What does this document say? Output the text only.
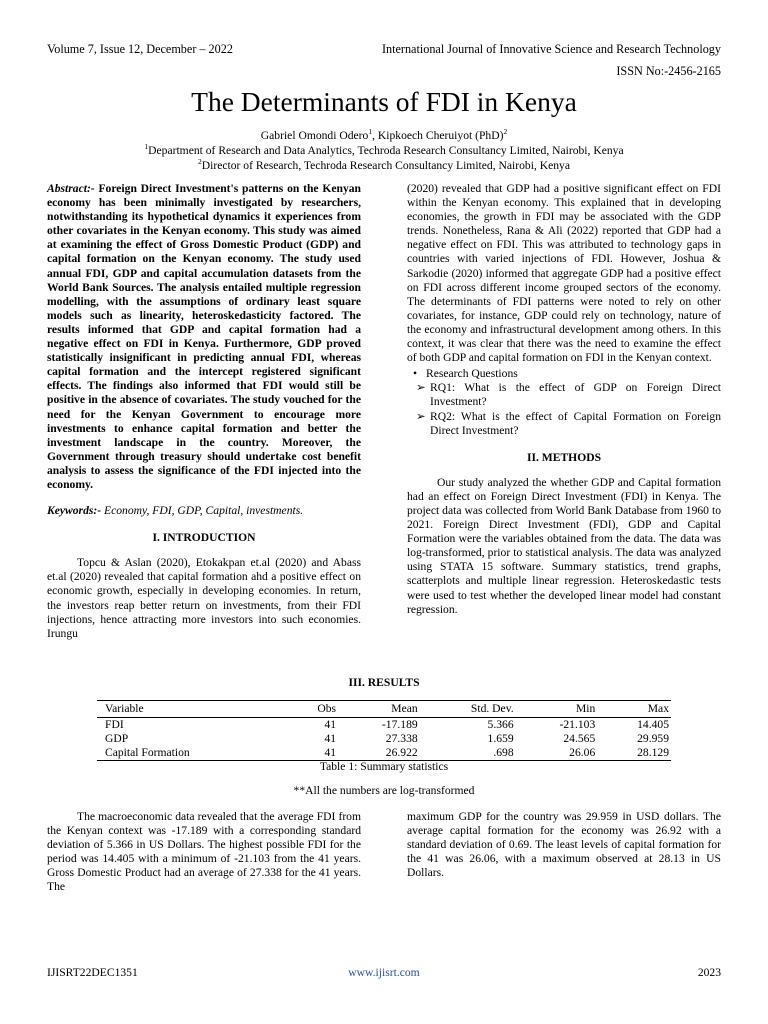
Volume 7, Issue 12, December – 2022	International Journal of Innovative Science and Research Technology
ISSN No:-2456-2165
The Determinants of FDI in Kenya
Gabriel Omondi Odero$^1$, Kipkoech Cheruiyot (PhD)$^2$
$^1$Department of Research and Data Analytics, Techroda Research Consultancy Limited, Nairobi, Kenya
$^2$Director of Research, Techroda Research Consultancy Limited, Nairobi, Kenya

Abstract:- Foreign Direct Investment's patterns on the Kenyan economy has been minimally investigated by researchers, notwithstanding its hypothetical dynamics it experiences from other covariates in the Kenyan economy. This study was aimed at examining the effect of Gross Domestic Product (GDP) and capital formation on the Kenyan economy. The study used annual FDI, GDP and capital accumulation datasets from the World Bank Sources. The analysis entailed multiple regression modelling, with the assumptions of ordinary least square models such as linearity, heteroskedasticity factored. The results informed that GDP and capital formation had a negative effect on FDI in Kenya. Furthermore, GDP proved statistically insignificant in predicting annual FDI, whereas capital formation and the intercept registered significant effects. The findings also informed that FDI would still be positive in the absence of covariates. The study vouched for the need for the Kenyan Government to encourage more investments to enhance capital formation and better the investment landscape in the country. Moreover, the Government through treasury should undertake cost benefit analysis to assess the significance of the FDI injected into the economy.

Keywords:- Economy, FDI, GDP, Capital, investments.

I. INTRODUCTION

Topcu & Aslan (2020), Etokakpan et.al (2020) and Abass et.al (2020) revealed that capital formation ahd a positive effect on economic growth, especially in developing economies. In return, the investors reap better return on investments, from their FDI injections, hence attracting more investors into such economies. Irungu

(2020) revealed that GDP had a positive significant effect on FDI within the Kenyan economy. This explained that in developing economies, the growth in FDI may be associated with the GDP trends. Nonetheless, Rana & Ali (2022) reported that GDP had a negative effect on FDI. This was attributed to technology gaps in countries with varied injections of FDI. However, Joshua & Sarkodie (2020) informed that aggregate GDP had a positive effect on FDI across different income grouped sectors of the economy. The determinants of FDI patterns were noted to rely on other covariates, for instance, GDP could rely on technology, nature of the economy and infrastructural development among others. In this context, it was clear that there was the need to examine the effect of both GDP and capital formation on FDI in the Kenyan context.

• Research Questions

➢ RQ1: What is the effect of GDP on Foreign Direct Investment?

➢ RQ2: What is the effect of Capital Formation on Foreign Direct Investment?

II. METHODS

Our study analyzed the whether GDP and Capital formation had an effect on Foreign Direct Investment (FDI) in Kenya. The project data was collected from World Bank Database from 1960 to 2021. Foreign Direct Investment (FDI), GDP and Capital Formation were the variables obtained from the data. The data was log-transformed, prior to statistical analysis. The data was analyzed using STATA 15 software. Summary statistics, trend graphs, scatterplots and multiple linear regression. Heteroskedastic tests were used to test whether the developed linear model had constant regression.

III. RESULTS
Variable	Obs	Mean	Std. Dev.	Min	Max
FDI	41	-17.189	5.366	-21.103	14.405
GDP	41	27.338	1.659	24.565	29.959
Capital Formation	41	26.922	.698	26.06	28.129
Table 1: Summary statistics
**All the numbers are log-transformed

The macroeconomic data revealed that the average FDI from the Kenyan context was -17.189 with a corresponding standard deviation of 5.366 in US Dollars. The highest possible FDI for the period was 14.405 with a minimum of -21.103 from the 41 years. Gross Domestic Product had an average of 27.338 for the 41 years. The

maximum GDP for the country was 29.959 in USD dollars. The average capital formation for the economy was 26.92 with a standard deviation of 0.69. The least levels of capital formation for the 41 was 26.06, with a maximum observed at 28.13 in US Dollars.

IJISRT22DEC1351	www.ijisrt.com	2023
